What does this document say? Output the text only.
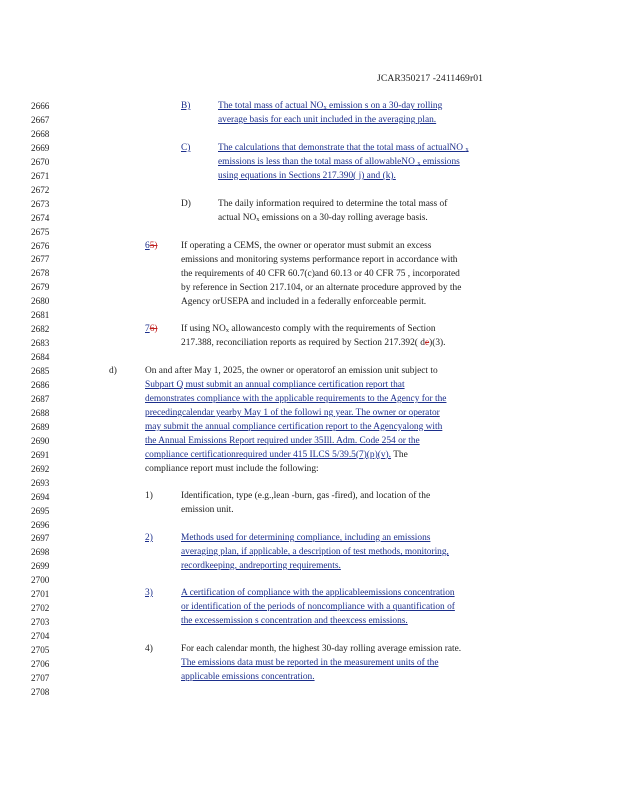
JCAR350217 -2411469r01
2666
2667
2668
2669
2670
2671
2672
2673
2674
2675
2676
2677
2678
2679
2680
2681
2682
2683
2684
2685
2686
2687
2688
2689
2690
2691
2692
2693
2694
2695
2696
2697
2698
2699
2700
2701
2702
2703
2704
2705
2706
2707
2708
B)	The total mass of actual $NO_x$ emission s on a 30-day rolling
average basis for each unit included in the averaging plan.
C)	The calculations that demonstrate that the total mass of actualNO $_x$
emissions is less than the total mass of allowableNO $_x$ emissions
using equations in Sections 217.390( j) and (k).
D)	The daily information required to determine the total mass of
actual $NO_x$ emissions on a 30-day rolling average basis.
65)	If operating a CEMS, the owner or operator must submit an excess
emissions and monitoring systems performance report in accordance with
the requirements of 40 CFR 60.7(c)and 60.13 or 40 CFR 75 , incorporated
by reference in Section 217.104, or an alternate procedure approved by the
Agency orUSEPA and included in a federally enforceable permit.
76)	If using $NO_x$ allowancesto comply with the requirements of Section
217.388, reconciliation reports as required by Section 217.392( de)(3).
d)	On and after May 1, 2025, the owner or operatorof an emission unit subject to
Subpart Q must submit an annual compliance certification report that
demonstrates compliance with the applicable requirements to the Agency for the
precedingcalendar yearby May 1 of the followi ng year. The owner or operator
may submit the annual compliance certification report to the Agencyalong with
the Annual Emissions Report required under 35Ill. Adm. Code 254 or the
compliance certificationrequired under 415 ILCS 5/39.5(7)(p)(v). The
compliance report must include the following:
1)	Identification, type (e.g.,lean -burn, gas -fired), and location of the
emission unit.
2)	Methods used for determining compliance, including an emissions
averaging plan, if applicable, a description of test methods, monitoring,
recordkeeping, andreporting requirements.
3)	A certification of compliance with the applicableemissions concentration
or identification of the periods of noncompliance with a quantification of
the excessemission s concentration and theexcess emissions.
4)	For each calendar month, the highest 30-day rolling average emission rate.
The emissions data must be reported in the measurement units of the
applicable emissions concentration.
